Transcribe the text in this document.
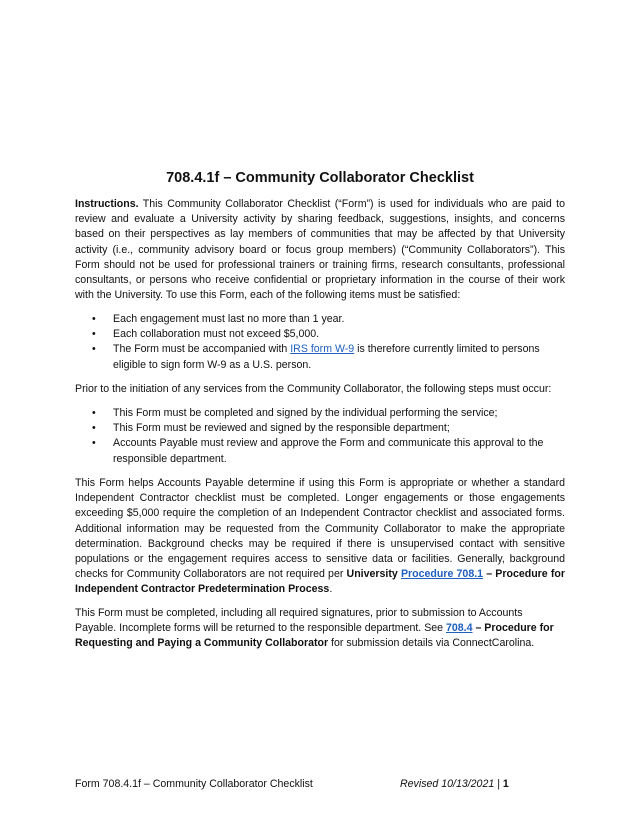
708.4.1f – Community Collaborator Checklist

Instructions. This Community Collaborator Checklist (“Form”) is used for individuals who are paid to review and evaluate a University activity by sharing feedback, suggestions, insights, and concerns based on their perspectives as lay members of communities that may be affected by that University activity (i.e., community advisory board or focus group members) (“Community Collaborators”). This Form should not be used for professional trainers or training firms, research consultants, professional consultants, or persons who receive confidential or proprietary information in the course of their work with the University. To use this Form, each of the following items must be satisfied:

• Each engagement must last no more than 1 year.
• Each collaboration must not exceed $5,000.
• The Form must be accompanied with IRS form W-9 is therefore currently limited to persons eligible to sign form W-9 as a U.S. person.

Prior to the initiation of any services from the Community Collaborator, the following steps must occur:

• This Form must be completed and signed by the individual performing the service;
• This Form must be reviewed and signed by the responsible department;
• Accounts Payable must review and approve the Form and communicate this approval to the responsible department.

This Form helps Accounts Payable determine if using this Form is appropriate or whether a standard Independent Contractor checklist must be completed. Longer engagements or those engagements exceeding $5,000 require the completion of an Independent Contractor checklist and associated forms. Additional information may be requested from the Community Collaborator to make the appropriate determination. Background checks may be required if there is unsupervised contact with sensitive populations or the engagement requires access to sensitive data or facilities. Generally, background checks for Community Collaborators are not required per University Procedure 708.1 – Procedure for Independent Contractor Predetermination Process.

This Form must be completed, including all required signatures, prior to submission to Accounts Payable. Incomplete forms will be returned to the responsible department. See 708.4 – Procedure for Requesting and Paying a Community Collaborator for submission details via ConnectCarolina.

Form 708.4.1f – Community Collaborator Checklist	Revised 10/13/2021 | 1
